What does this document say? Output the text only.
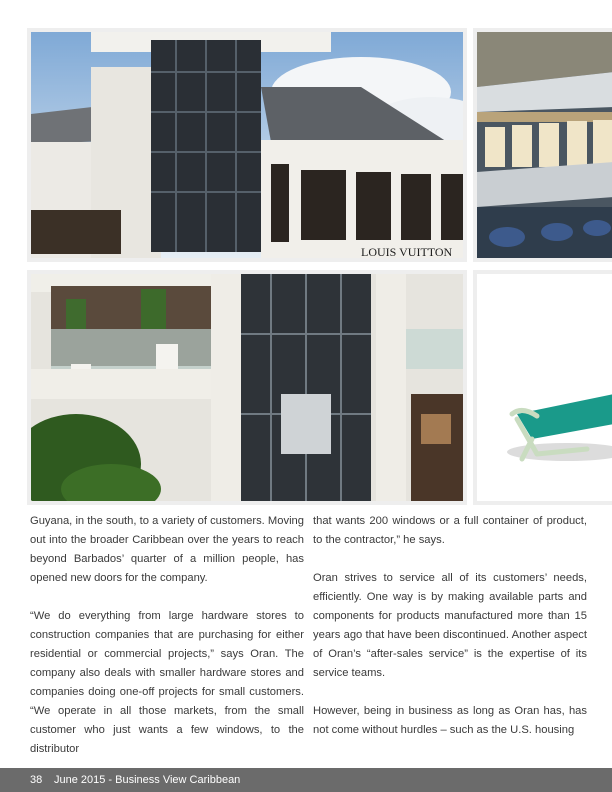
LOUIS VUITTON

Guyana, in the south, to a variety of customers. Moving out into the broader Caribbean over the years to reach beyond Barbados’ quarter of a million people, has opened new doors for the company.

“We do everything from large hardware stores to construction companies that are purchasing for either residential or commercial projects,” says Oran. The company also deals with smaller hardware stores and companies doing one-off projects for small customers. “We operate in all those markets, from the small customer who just wants a few windows, to the distributor

that wants 200 windows or a full container of product, to the contractor,” he says.

Oran strives to service all of its customers’ needs, efficiently. One way is by making available parts and components for products manufactured more than 15 years ago that have been discontinued. Another aspect of Oran’s “after-sales service” is the expertise of its service teams.

However, being in business as long as Oran has, has not come without hurdles – such as the U.S. housing

38 June 2015 - Business View Caribbean
